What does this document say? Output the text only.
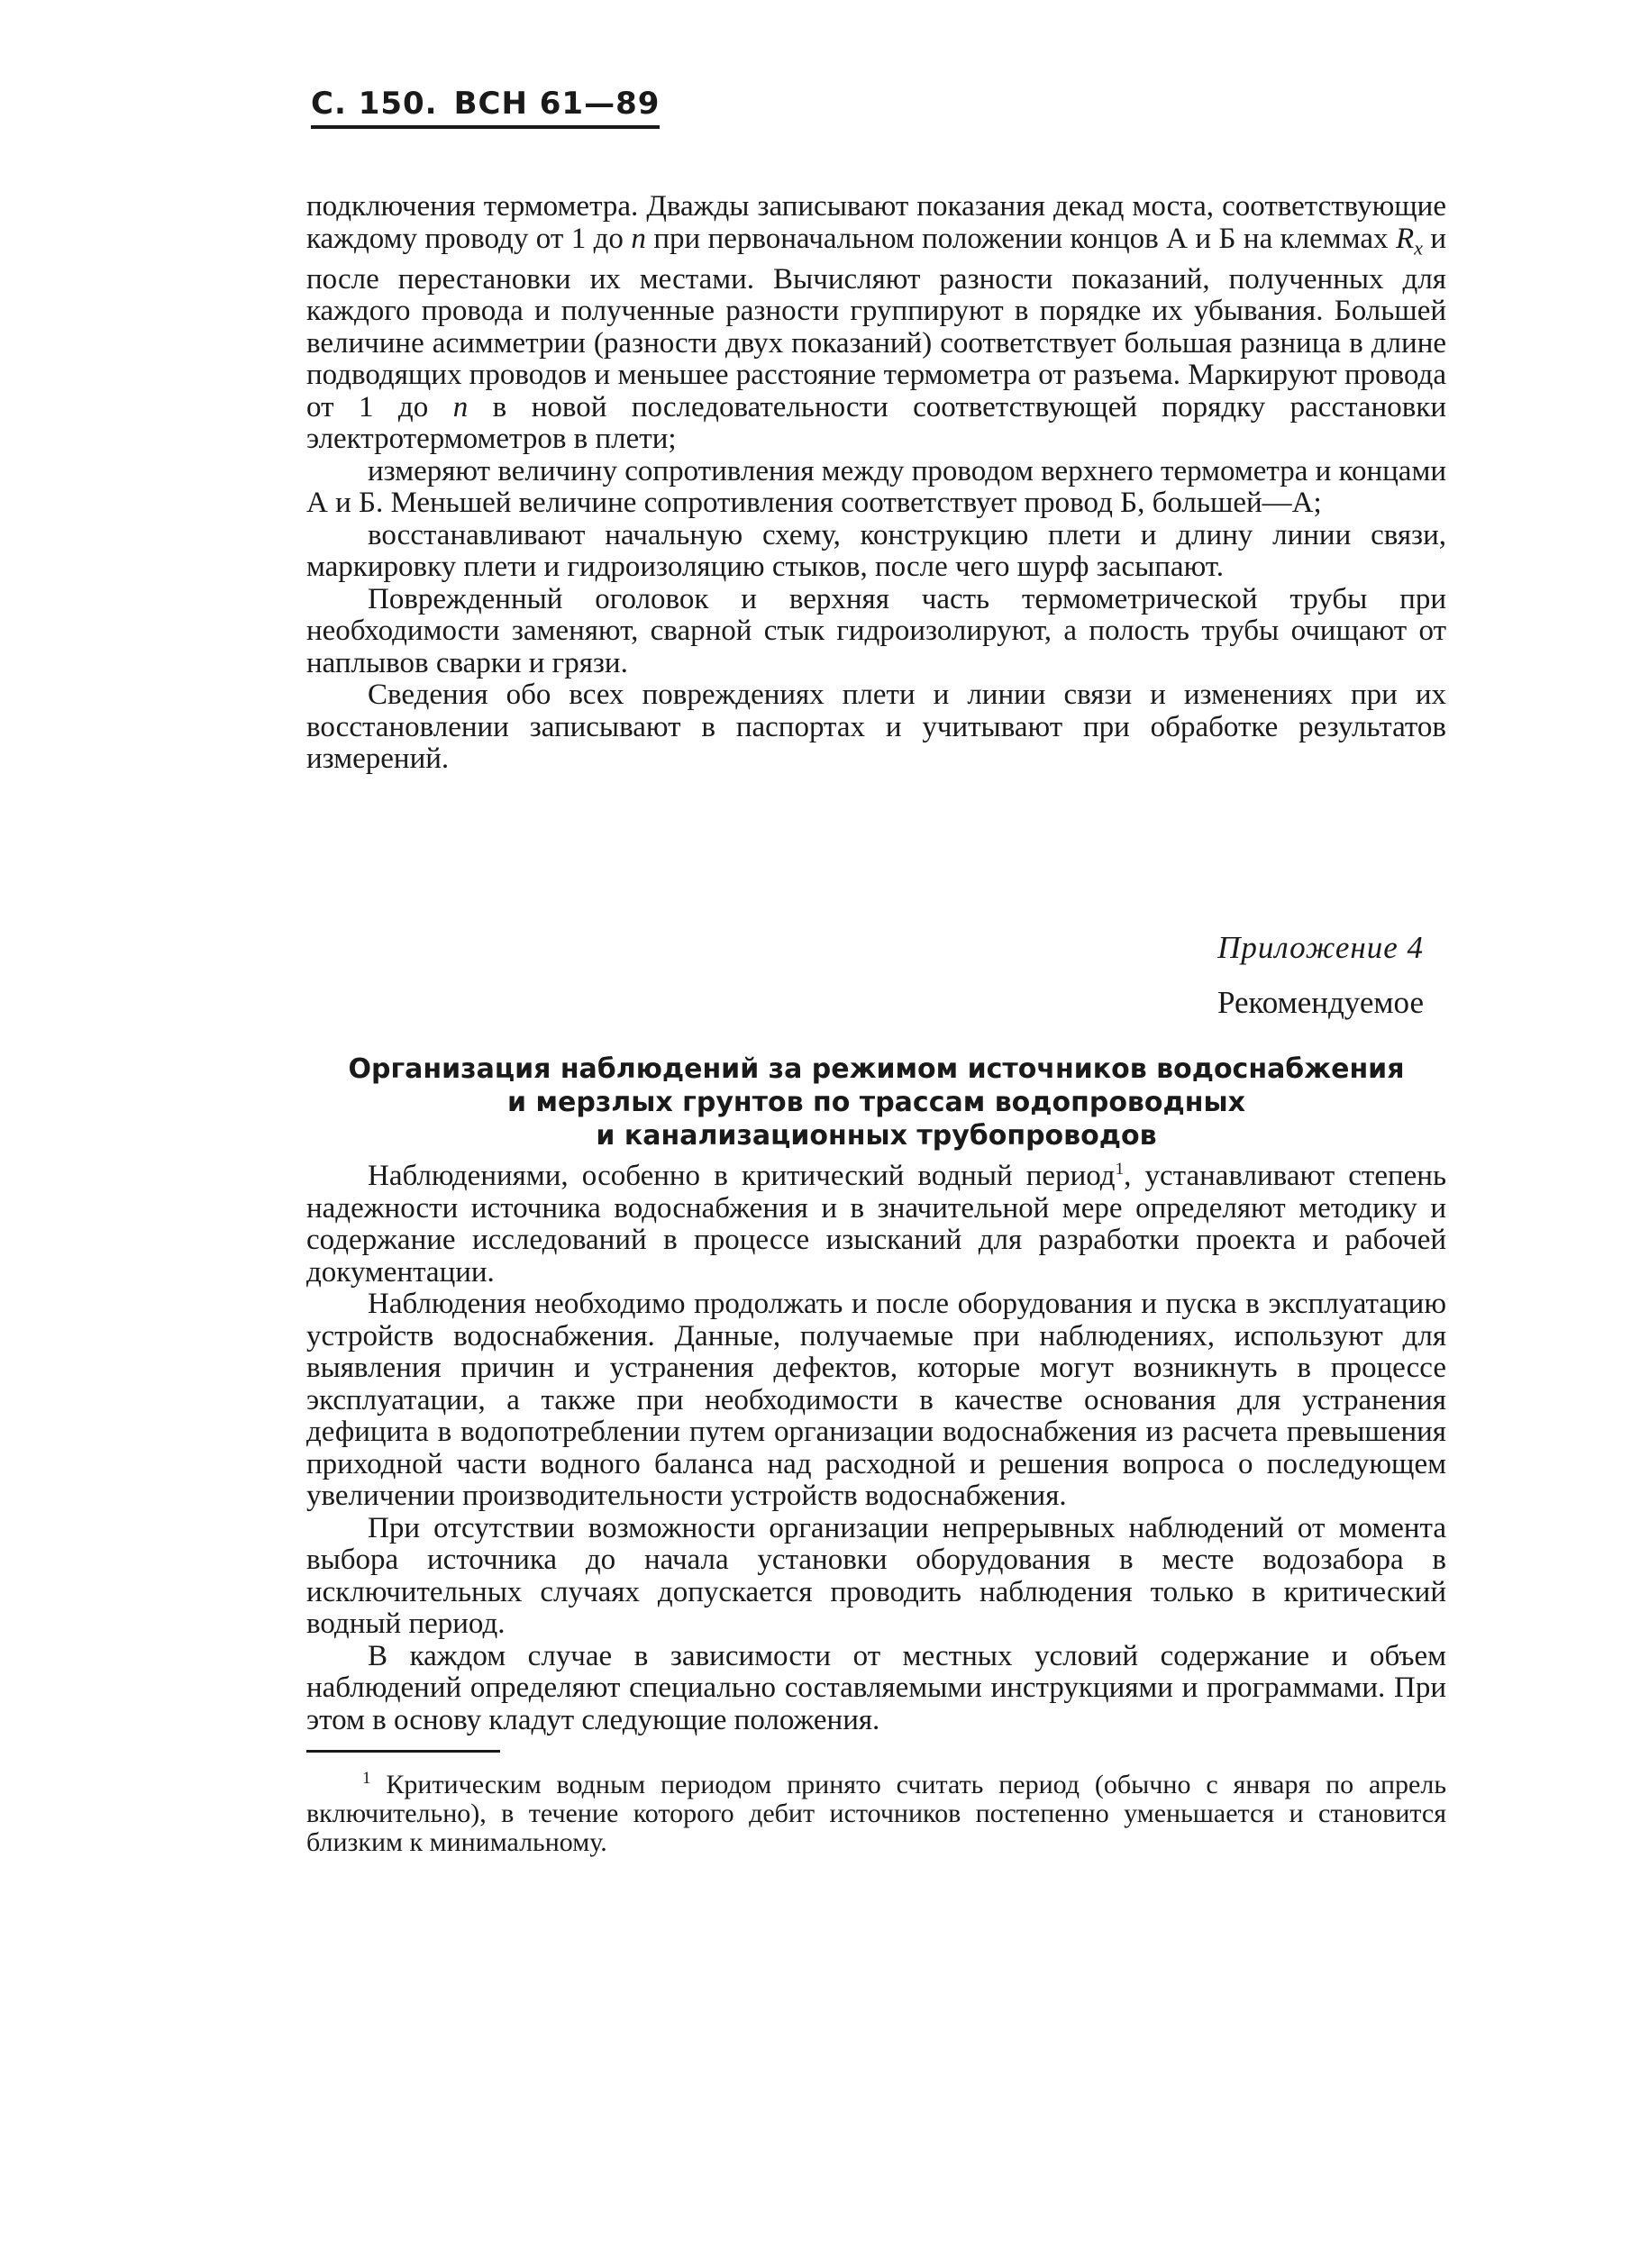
С. 150. ВСН 61—89

подключения термометра. Дважды записывают показания декад моста, соответствующие каждому проводу от 1 до n при первоначальном положении концов А и Б на клеммах $R_x$ и после перестановки их местами. Вычисляют разности показаний, полученных для каждого провода и полученные разности группируют в порядке их убывания. Большей величине асимметрии (разности двух показаний) соответствует большая разница в длине подводящих проводов и меньшее расстояние термометра от разъема. Маркируют провода от 1 до n в новой последовательности соответствующей порядку расстановки электротермометров в плети;

измеряют величину сопротивления между проводом верхнего термометра и концами А и Б. Меньшей величине сопротивления соответствует провод Б, большей—А;

восстанавливают начальную схему, конструкцию плети и длину линии связи, маркировку плети и гидроизоляцию стыков, после чего шурф засыпают.

Поврежденный оголовок и верхняя часть термометрической трубы при необходимости заменяют, сварной стык гидроизолируют, а полость трубы очищают от наплывов сварки и грязи.

Сведения обо всех повреждениях плети и линии связи и изменениях при их восстановлении записывают в паспортах и учитывают при обработке результатов измерений.

Приложение 4
Рекомендуемое
Организация наблюдений за режимом источников водоснабжения
и мерзлых грунтов по трассам водопроводных
и канализационных трубопроводов

Наблюдениями, особенно в критический водный период$^1$, устанавливают степень надежности источника водоснабжения и в значительной мере определяют методику и содержание исследований в процессе изысканий для разработки проекта и рабочей документации.

Наблюдения необходимо продолжать и после оборудования и пуска в эксплуатацию устройств водоснабжения. Данные, получаемые при наблюдениях, используют для выявления причин и устранения дефектов, которые могут возникнуть в процессе эксплуатации, а также при необходимости в качестве основания для устранения дефицита в водопотреблении путем организации водоснабжения из расчета превышения приходной части водного баланса над расходной и решения вопроса о последующем увеличении производительности устройств водоснабжения.

При отсутствии возможности организации непрерывных наблюдений от момента выбора источника до начала установки оборудования в месте водозабора в исключительных случаях допускается проводить наблюдения только в критический водный период.

В каждом случае в зависимости от местных условий содержание и объем наблюдений определяют специально составляемыми инструкциями и программами. При этом в основу кладут следующие положения.

$^1$ Критическим водным периодом принято считать период (обычно с января по апрель включительно), в течение которого дебит источников постепенно уменьшается и становится близким к минимальному.
